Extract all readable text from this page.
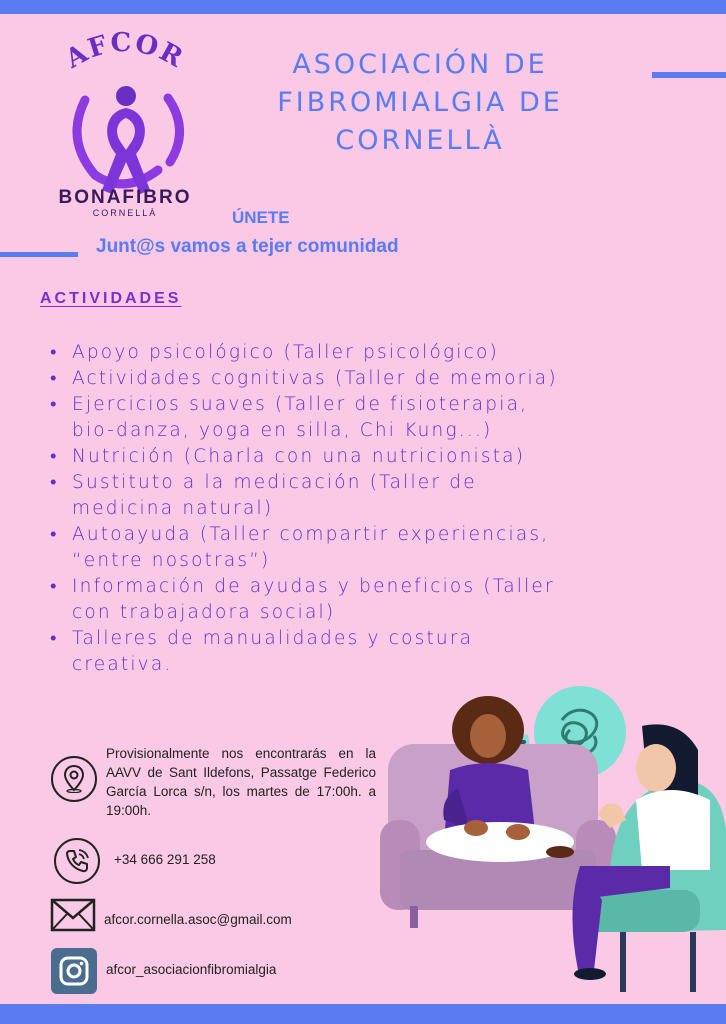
AFCOR
BONAFIBRO
CORNELLÀ
ASOCIACIÓN DE
FIBROMIALGIA DE
CORNELLÀ
ÚNETE
Junt@s vamos a tejer comunidad
ACTIVIDADES
• Apoyo psicológico (Taller psicológico)
• Actividades cognitivas (Taller de memoria)
• Ejercicios suaves (Taller de fisioterapia,
bio-danza, yoga en silla, Chi Kung...)
• Nutrición (Charla con una nutricionista)
• Sustituto a la medicación (Taller de
medicina natural)
• Autoayuda (Taller compartir experiencias,
“entre nosotras”)
• Información de ayudas y beneficios (Taller
con trabajadora social)
• Talleres de manualidades y costura
creativa.
Provisionalmente nos encontrarás en la AAVV de Sant Ildefons, Passatge Federico García Lorca s/n, los martes de 17:00h. a 19:00h.
+34 666 291 258
afcor.cornella.asoc@gmail.com
afcor_asociacionfibromialgia
